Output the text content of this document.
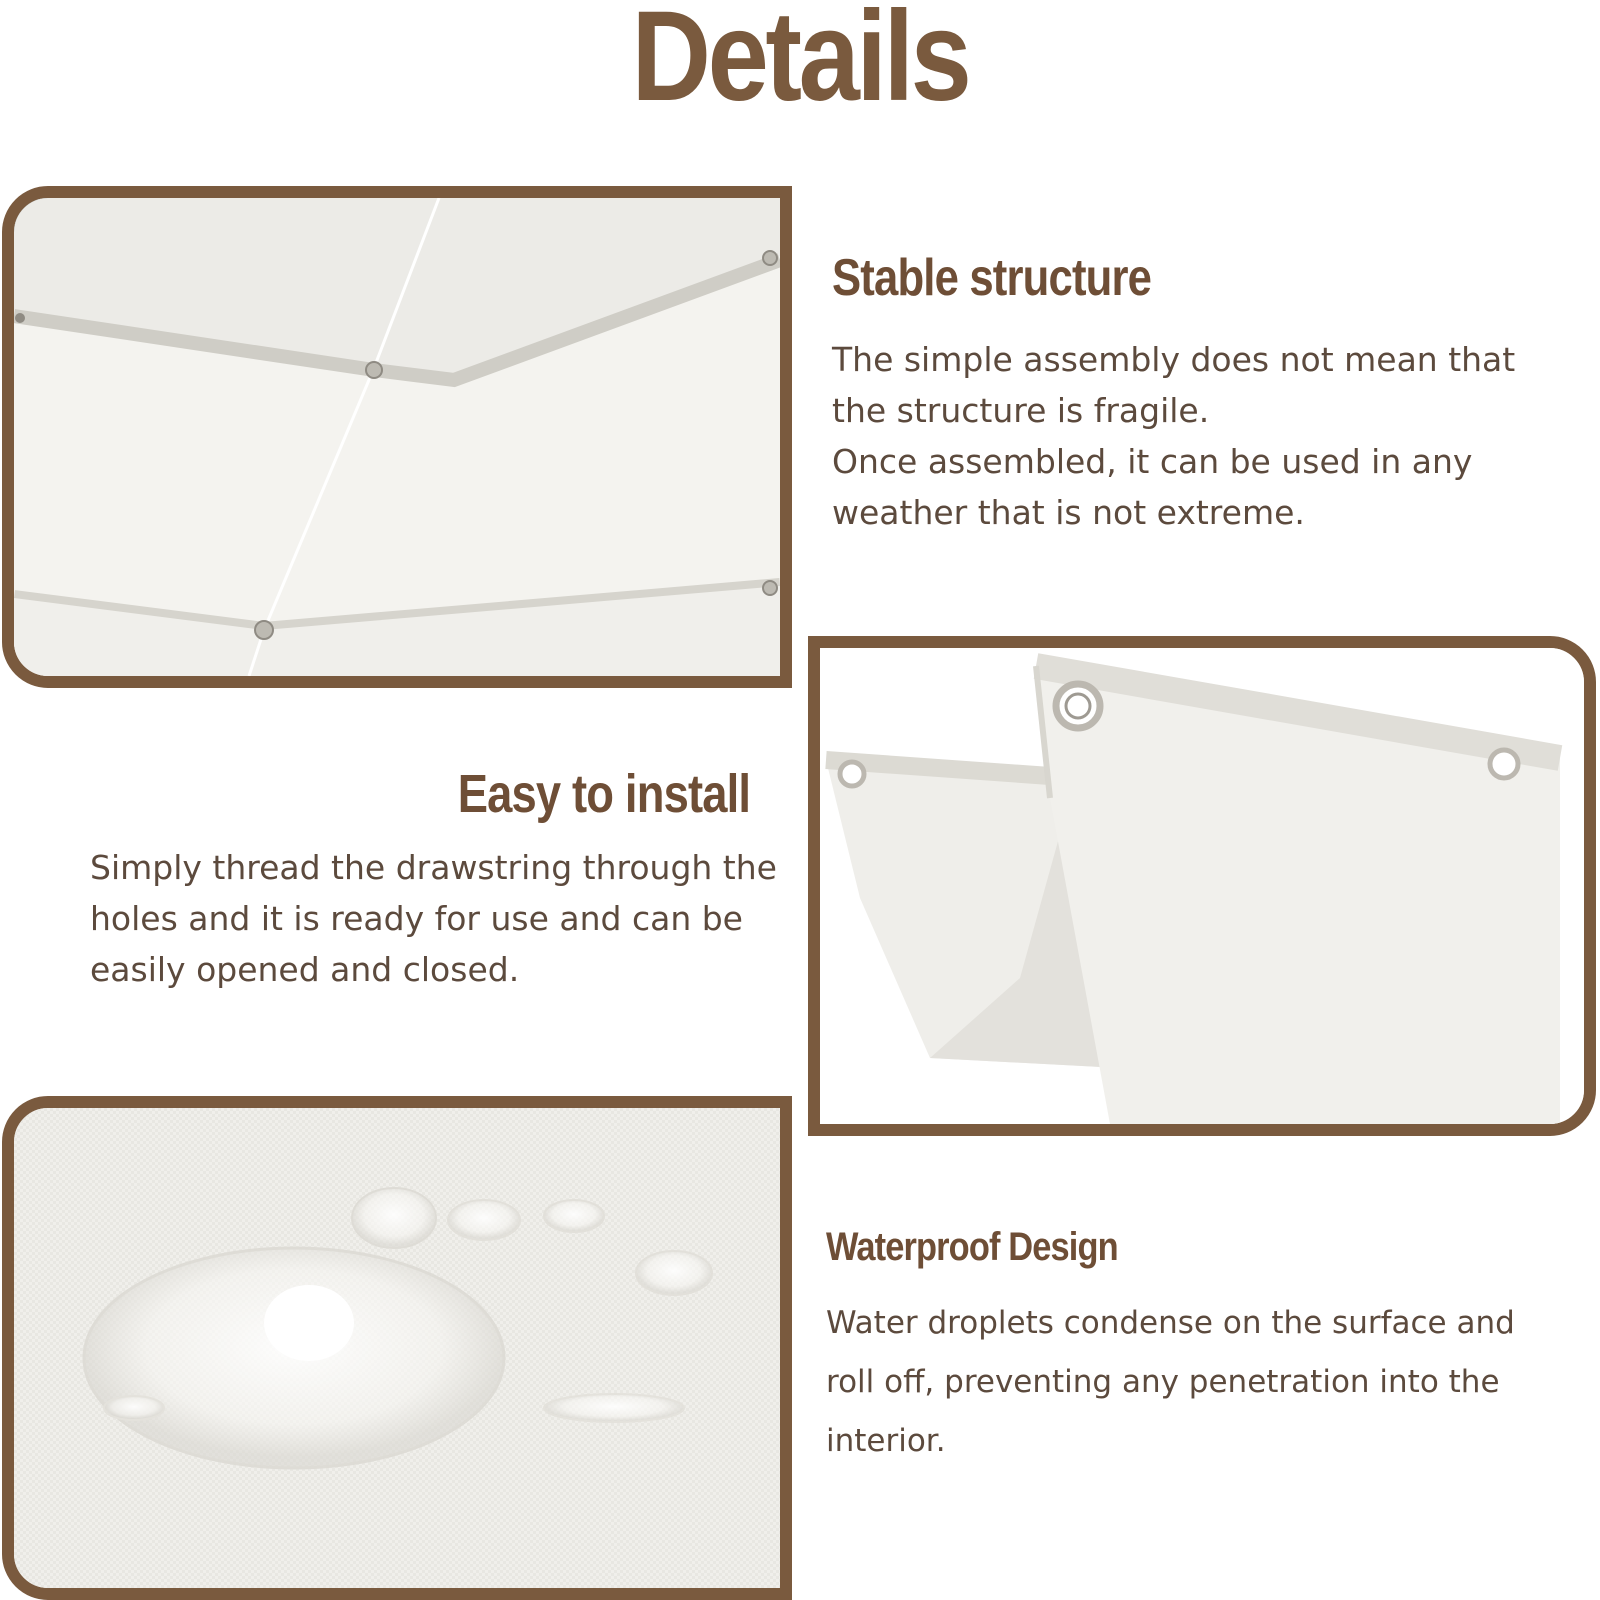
Details
Stable structure
The simple assembly does not mean that
the structure is fragile.
Once assembled, it can be used in any
weather that is not extreme.
Easy to install
Simply thread the drawstring through the
holes and it is ready for use and can be
easily opened and closed.
Waterproof Design
Water droplets condense on the surface and
roll off, preventing any penetration into the
interior.
